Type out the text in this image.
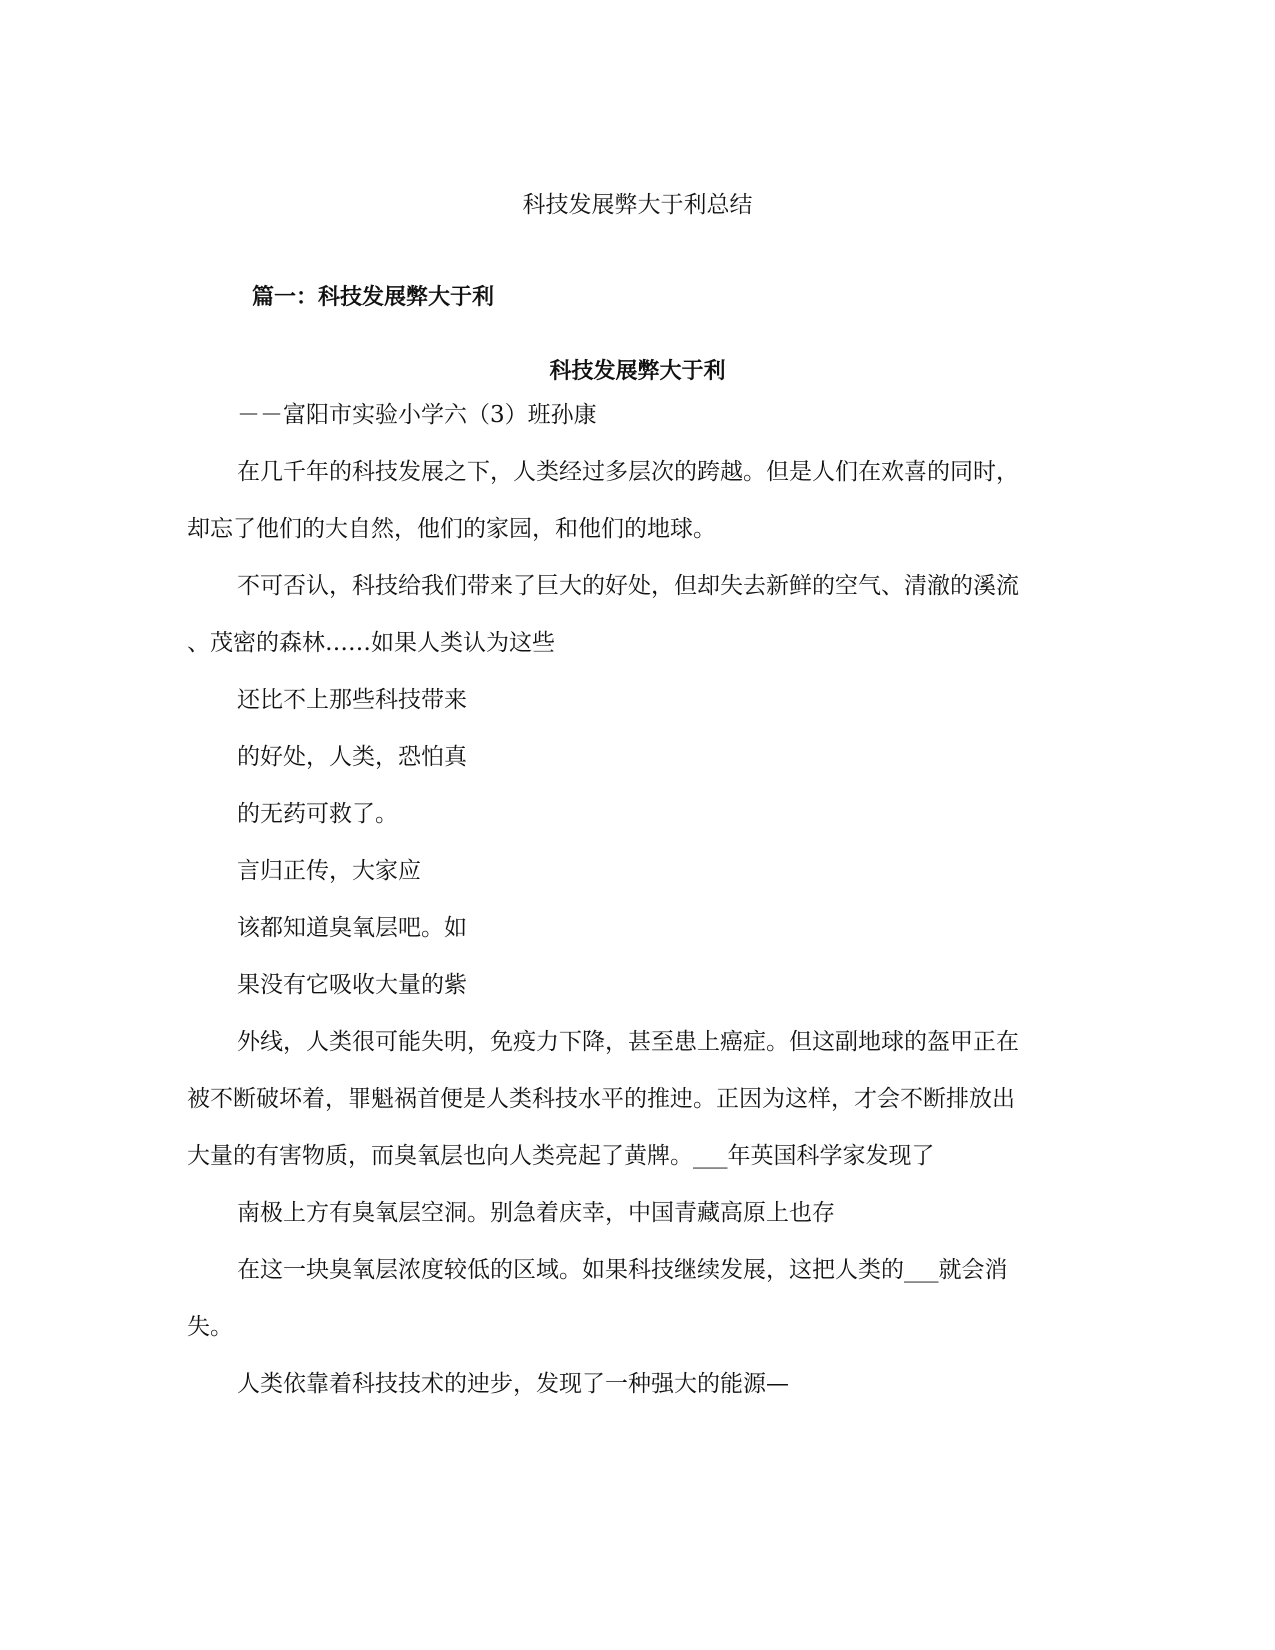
科技发展弊大于利总结
篇一：科技发展弊大于利
科技发展弊大于利
－－富阳市实验小学六（3）班孙康
在几千年的科技发展之下，人类经过多层次的跨越。但是人们在欢喜的同时，
却忘了他们的大自然，他们的家园，和他们的地球。
不可否认，科技给我们带来了巨大的好处，但却失去新鲜的空气、清澈的溪流
、茂密的森林……如果人类认为这些
还比不上那些科技带来
的好处，人类，恐怕真
的无药可救了。
言归正传，大家应
该都知道臭氧层吧。如
果没有它吸收大量的紫
外线，人类很可能失明，免疫力下降，甚至患上癌症。但这副地球的盔甲正在
被不断破坏着，罪魁祸首便是人类科技水平的推迚。正因为这样，才会不断排放出
大量的有害物质，而臭氧层也向人类亮起了黄牌。___年英国科学家发现了
南极上方有臭氧层空洞。别急着庆幸，中国青藏高原上也存
在这一块臭氧层浓度较低的区域。如果科技继续发展，这把人类的___就会消
失。
人类依靠着科技技术的迚步，发现了一种强大的能源—
